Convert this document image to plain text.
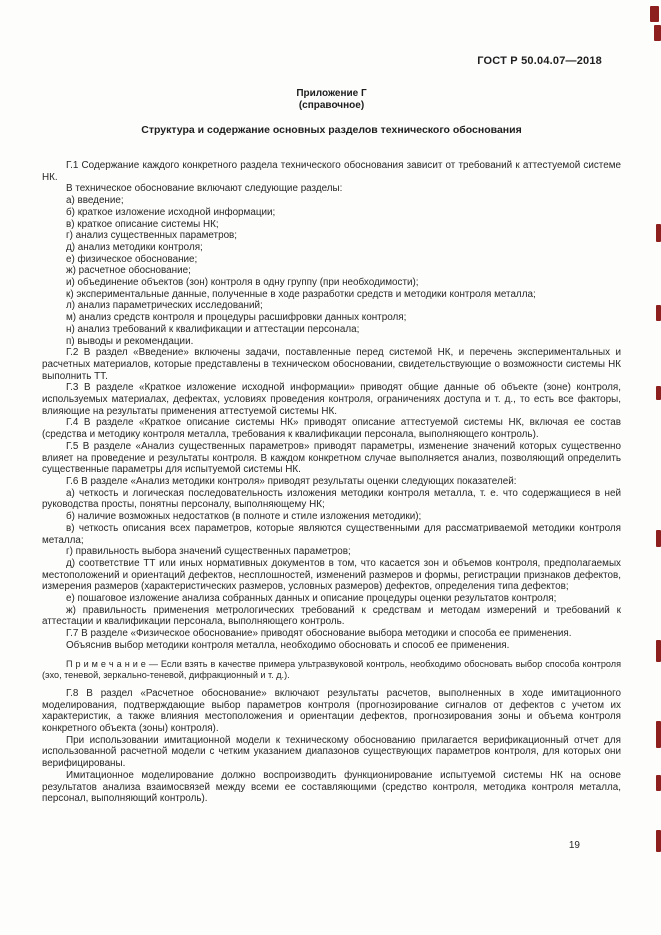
ГОСТ Р 50.04.07—2018
Приложение Г
(справочное)
Структура и содержание основных разделов технического обоснования

Г.1 Содержание каждого конкретного раздела технического обоснования зависит от требований к аттестуемой системе НК.

В техническое обоснование включают следующие разделы:

а) введение;

б) краткое изложение исходной информации;

в) краткое описание системы НК;

г) анализ существенных параметров;

д) анализ методики контроля;

е) физическое обоснование;

ж) расчетное обоснование;

и) объединение объектов (зон) контроля в одну группу (при необходимости);

к) экспериментальные данные, полученные в ходе разработки средств и методики контроля металла;

л) анализ параметрических исследований;

м) анализ средств контроля и процедуры расшифровки данных контроля;

н) анализ требований к квалификации и аттестации персонала;

п) выводы и рекомендации.

Г.2 В раздел «Введение» включены задачи, поставленные перед системой НК, и перечень экспериментальных и расчетных материалов, которые представлены в техническом обосновании, свидетельствующие о возможности системы НК выполнить ТТ.

Г.3 В разделе «Краткое изложение исходной информации» приводят общие данные об объекте (зоне) контроля, используемых материалах, дефектах, условиях проведения контроля, ограничениях доступа и т. д., то есть все факторы, влияющие на результаты применения аттестуемой системы НК.

Г.4 В разделе «Краткое описание системы НК» приводят описание аттестуемой системы НК, включая ее состав (средства и методику контроля металла, требования к квалификации персонала, выполняющего контроль).

Г.5 В разделе «Анализ существенных параметров» приводят параметры, изменение значений которых существенно влияет на проведение и результаты контроля. В каждом конкретном случае выполняется анализ, позволяющий определить существенные параметры для испытуемой системы НК.

Г.6 В разделе «Анализ методики контроля» приводят результаты оценки следующих показателей:

а) четкость и логическая последовательность изложения методики контроля металла, т. е. что содержащиеся в ней руководства просты, понятны персоналу, выполняющему НК;

б) наличие возможных недостатков (в полноте и стиле изложения методики);

в) четкость описания всех параметров, которые являются существенными для рассматриваемой методики контроля металла;

г) правильность выбора значений существенных параметров;

д) соответствие ТТ или иных нормативных документов в том, что касается зон и объемов контроля, предполагаемых местоположений и ориентаций дефектов, несплошностей, изменений размеров и формы, регистрации признаков дефектов, измерения размеров (характеристических размеров, условных размеров) дефектов, определения типа дефектов;

е) пошаговое изложение анализа собранных данных и описание процедуры оценки результатов контроля;

ж) правильность применения метрологических требований к средствам и методам измерений и требований к аттестации и квалификации персонала, выполняющего контроль.

Г.7 В разделе «Физическое обоснование» приводят обоснование выбора методики и способа ее применения.

Объяснив выбор методики контроля металла, необходимо обосновать и способ ее применения.

П р и м е ч а н и е — Если взять в качестве примера ультразвуковой контроль, необходимо обосновать выбор способа контроля (эхо, теневой, зеркально-теневой, дифракционный и т. д.).

Г.8 В раздел «Расчетное обоснование» включают результаты расчетов, выполненных в ходе имитационного моделирования, подтверждающие выбор параметров контроля (прогнозирование сигналов от дефектов с учетом их характеристик, а также влияния местоположения и ориентации дефектов, прогнозирования зоны и объема контроля конкретного объекта (зоны) контроля).

При использовании имитационной модели к техническому обоснованию прилагается верификационный отчет для использованной расчетной модели с четким указанием диапазонов существующих параметров контроля, для которых они верифицированы.

Имитационное моделирование должно воспроизводить функционирование испытуемой системы НК на основе результатов анализа взаимосвязей между всеми ее составляющими (средство контроля, методика контроля металла, персонал, выполняющий контроль).

19
